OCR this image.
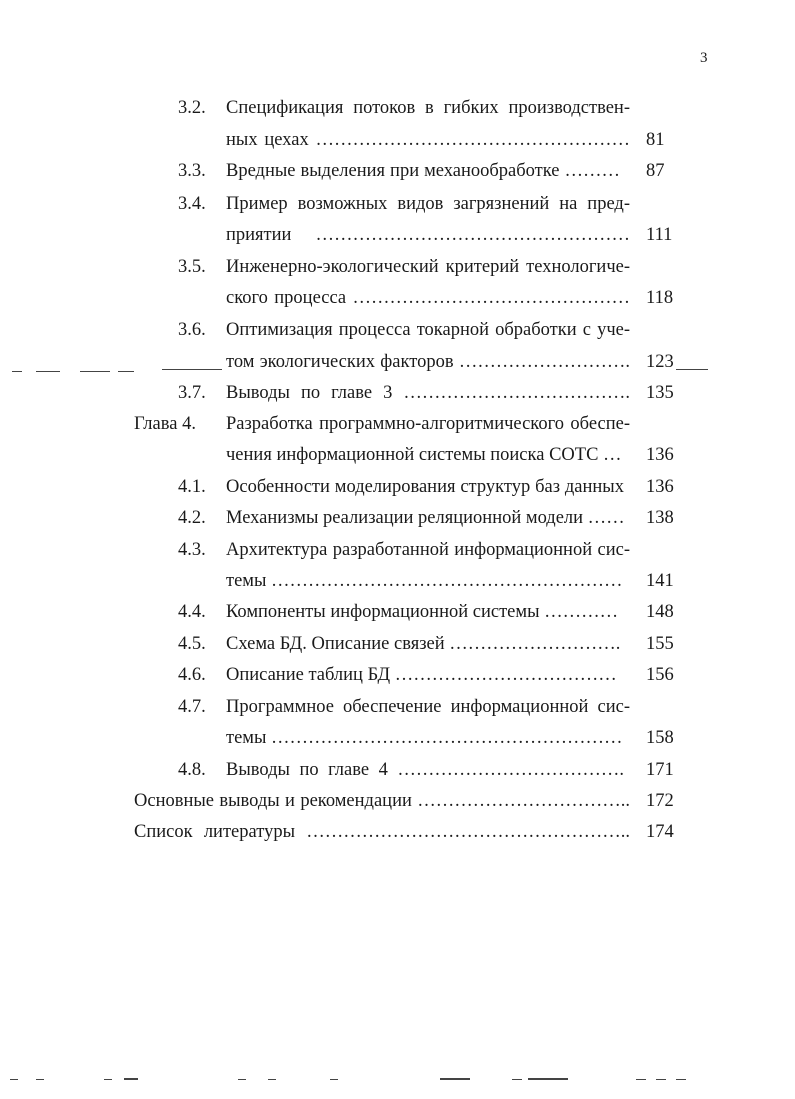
3
3.2. Спецификация потоков в гибких производствен-
ных цехах …………………………………………… 81
3.3. Вредные выделения при механообработке ……… 87
3.4. Пример возможных видов загрязнений на пред-
приятии …………………………………………… 111
3.5. Инженерно-экологический критерий технологиче-
ского процесса ……………………………………… 118
3.6. Оптимизация процесса токарной обработки с уче-
том экологических факторов ………………………. 123
3.7. Выводы по главе 3 ………………………………. 135
Глава 4. Разработка программно-алгоритмического обеспе-
чения информационной системы поиска СОТС … 136
4.1. Особенности моделирования структур баз данных 136
4.2. Механизмы реализации реляционной модели …… 138
4.3. Архитектура разработанной информационной сис-
темы ………………………………………………… 141
4.4. Компоненты информационной системы ………… 148
4.5. Схема БД. Описание связей ………………………. 155
4.6. Описание таблиц БД ……………………………… 156
4.7. Программное обеспечение информационной сис-
темы ………………………………………………… 158
4.8. Выводы по главе 4 ………………………………. 171
Основные выводы и рекомендации …………………………….. 172
Список литературы …………………………………………….. 174
